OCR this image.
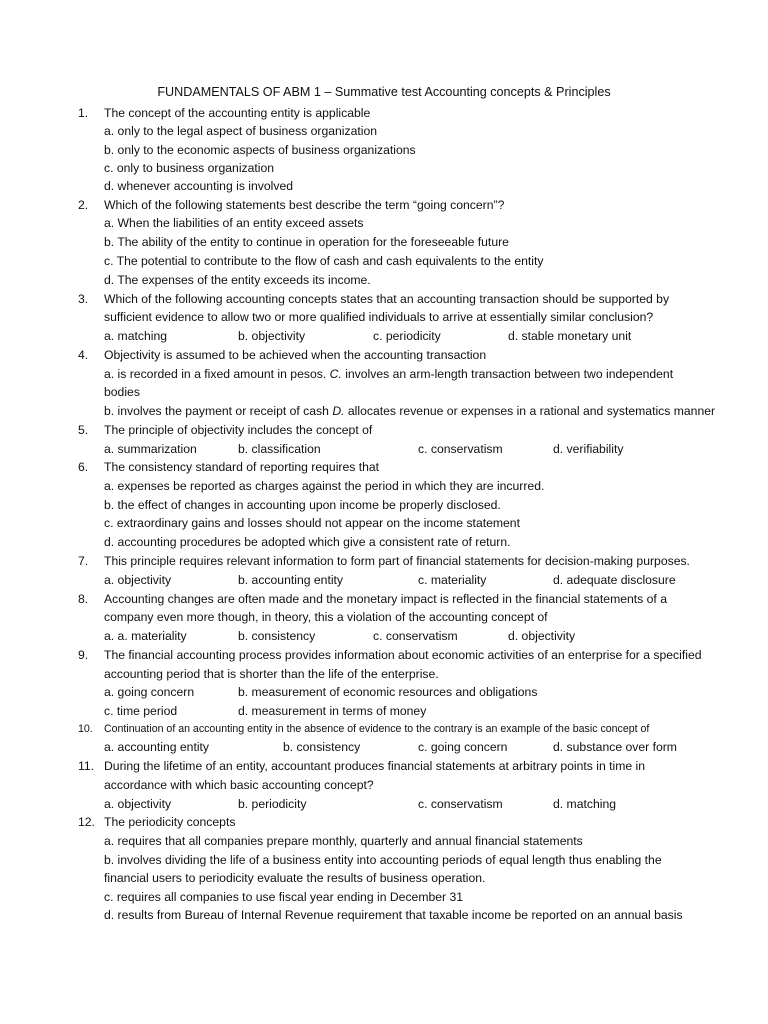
FUNDAMENTALS OF ABM 1 – Summative test Accounting concepts & Principles
1. The concept of the accounting entity is applicable
a. only to the legal aspect of business organization
b. only to the economic aspects of business organizations
c. only to business organization
d. whenever accounting is involved
2. Which of the following statements best describe the term “going concern”?
a. When the liabilities of an entity exceed assets
b. The ability of the entity to continue in operation for the foreseeable future
c. The potential to contribute to the flow of cash and cash equivalents to the entity
d. The expenses of the entity exceeds its income.
3. Which of the following accounting concepts states that an accounting transaction should be supported by
sufficient evidence to allow two or more qualified individuals to arrive at essentially similar conclusion?
a. matching	b. objectivity	c. periodicity	d. stable monetary unit
4. Objectivity is assumed to be achieved when the accounting transaction
a. is recorded in a fixed amount in pesos. C. involves an arm-length transaction between two independent
bodies
b. involves the payment or receipt of cash D. allocates revenue or expenses in a rational and systematics manner
5. The principle of objectivity includes the concept of
a. summarization	b. classification	c. conservatism	d. verifiability
6. The consistency standard of reporting requires that
a. expenses be reported as charges against the period in which they are incurred.
b. the effect of changes in accounting upon income be properly disclosed.
c. extraordinary gains and losses should not appear on the income statement
d. accounting procedures be adopted which give a consistent rate of return.
7. This principle requires relevant information to form part of financial statements for decision-making purposes.
a. objectivity	b. accounting entity	c. materiality	d. adequate disclosure
8. Accounting changes are often made and the monetary impact is reflected in the financial statements of a
company even more though, in theory, this a violation of the accounting concept of
a. a. materiality	b. consistency	c. conservatism	d. objectivity
9. The financial accounting process provides information about economic activities of an enterprise for a specified
accounting period that is shorter than the life of the enterprise.
a. going concern	b. measurement of economic resources and obligations
c. time period	d. measurement in terms of money
10. Continuation of an accounting entity in the absence of evidence to the contrary is an example of the basic concept of
a. accounting entity	b. consistency	c. going concern	d. substance over form
11. During the lifetime of an entity, accountant produces financial statements at arbitrary points in time in
accordance with which basic accounting concept?
a. objectivity	b. periodicity	c. conservatism	d. matching
12. The periodicity concepts
a. requires that all companies prepare monthly, quarterly and annual financial statements
b. involves dividing the life of a business entity into accounting periods of equal length thus enabling the
financial users to periodicity evaluate the results of business operation.
c. requires all companies to use fiscal year ending in December 31
d. results from Bureau of Internal Revenue requirement that taxable income be reported on an annual basis
